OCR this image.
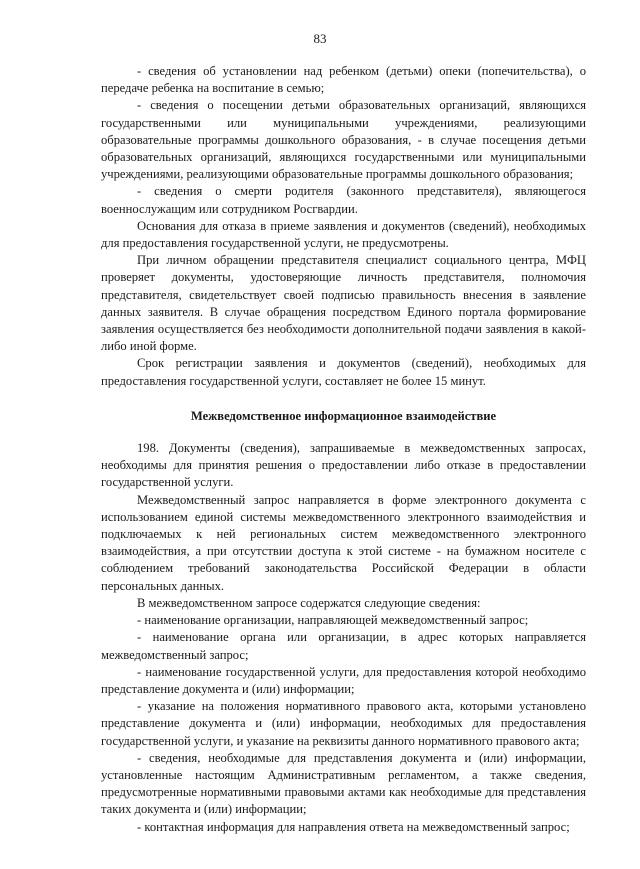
83

- сведения об установлении над ребенком (детьми) опеки (попечительства), о передаче ребенка на воспитание в семью;

- сведения о посещении детьми образовательных организаций, являющихся государственными или муниципальными учреждениями, реализующими образовательные программы дошкольного образования, - в случае посещения детьми образовательных организаций, являющихся государственными или муниципальными учреждениями, реализующими образовательные программы дошкольного образования;

- сведения о смерти родителя (законного представителя), являющегося военнослужащим или сотрудником Росгвардии.

Основания для отказа в приеме заявления и документов (сведений), необходимых для предоставления государственной услуги, не предусмотрены.

При личном обращении представителя специалист социального центра, МФЦ проверяет документы, удостоверяющие личность представителя, полномочия представителя, свидетельствует своей подписью правильность внесения в заявление данных заявителя. В случае обращения посредством Единого портала формирование заявления осуществляется без необходимости дополнительной подачи заявления в какой-либо иной форме.

Срок регистрации заявления и документов (сведений), необходимых для предоставления государственной услуги, составляет не более 15 минут.

Межведомственное информационное взаимодействие

198. Документы (сведения), запрашиваемые в межведомственных запросах, необходимы для принятия решения о предоставлении либо отказе в предоставлении государственной услуги.

Межведомственный запрос направляется в форме электронного документа с использованием единой системы межведомственного электронного взаимодействия и подключаемых к ней региональных систем межведомственного электронного взаимодействия, а при отсутствии доступа к этой системе - на бумажном носителе с соблюдением требований законодательства Российской Федерации в области персональных данных.

В межведомственном запросе содержатся следующие сведения:

- наименование организации, направляющей межведомственный запрос;

- наименование органа или организации, в адрес которых направляется межведомственный запрос;

- наименование государственной услуги, для предоставления которой необходимо представление документа и (или) информации;

- указание на положения нормативного правового акта, которыми установлено представление документа и (или) информации, необходимых для предоставления государственной услуги, и указание на реквизиты данного нормативного правового акта;

- сведения, необходимые для представления документа и (или) информации, установленные настоящим Административным регламентом, а также сведения, предусмотренные нормативными правовыми актами как необходимые для представления таких документа и (или) информации;

- контактная информация для направления ответа на межведомственный запрос;
